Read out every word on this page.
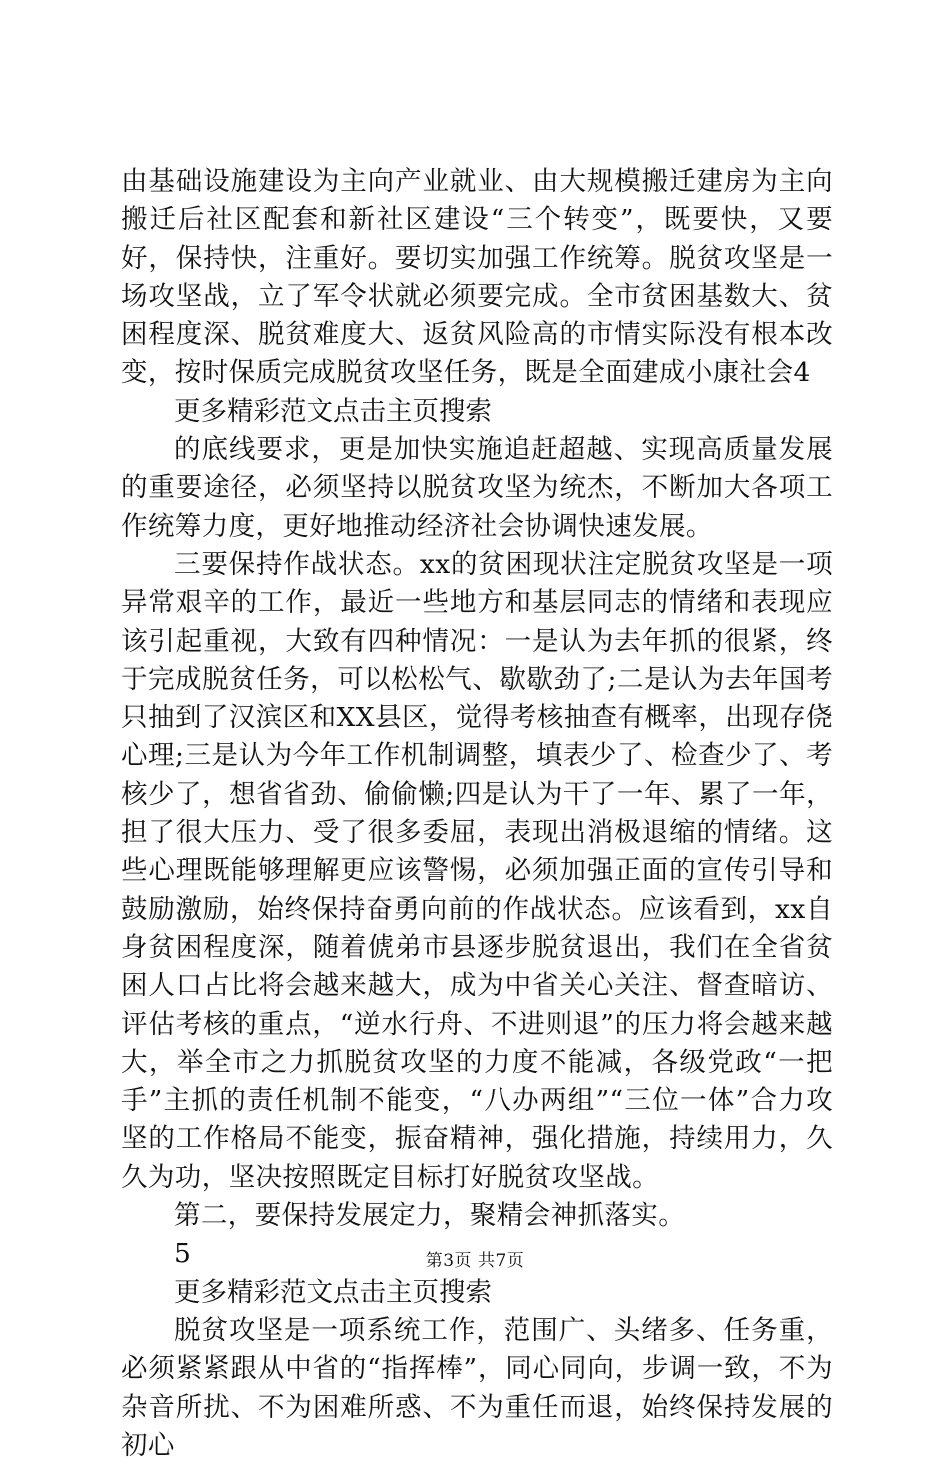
由基础设施建设为主向产业就业、由大规模搬迁建房为主向搬迁后社区配套和新社区建设“三个转变”，既要快，又要好，保持快，注重好。要切实加强工作统筹。脱贫攻坚是一场攻坚战，立了军令状就必须要完成。全市贫困基数大、贫困程度深、脱贫难度大、返贫风险高的市情实际没有根本改变，按时保质完成脱贫攻坚任务，既是全面建成小康社会4

更多精彩范文点击主页搜索

的底线要求，更是加快实施追赶超越、实现高质量发展的重要途径，必须坚持以脱贫攻坚为统杰，不断加大各项工作统筹力度，更好地推动经济社会协调快速发展。

三要保持作战状态。xx的贫困现状注定脱贫攻坚是一项异常艰辛的工作，最近一些地方和基层同志的情绪和表现应该引起重视，大致有四种情况：一是认为去年抓的很紧，终于完成脱贫任务，可以松松气、歇歇劲了;二是认为去年国考只抽到了汉滨区和XX县区，觉得考核抽查有概率，出现存侥心理;三是认为今年工作机制调整，填表少了、检查少了、考核少了，想省省劲、偷偷懒;四是认为干了一年、累了一年，担了很大压力、受了很多委屈，表现出消极退缩的情绪。这些心理既能够理解更应该警惕，必须加强正面的宣传引导和鼓励激励，始终保持奋勇向前的作战状态。应该看到，xx自身贫困程度深，随着俿弟市县逐步脱贫退出，我们在全省贫困人口占比将会越来越大，成为中省关心关注、督查暗访、评估考核的重点，“逆水行舟、不进则退”的压力将会越来越大，举全市之力抓脱贫攻坚的力度不能减，各级党政“一把手”主抓的责任机制不能变，“八办两组”“三位一体”合力攻坚的工作格局不能变，振奋精神，强化措施，持续用力，久久为功，坚决按照既定目标打好脱贫攻坚战。

第二，要保持发展定力，聚精会神抓落实。

5

更多精彩范文点击主页搜索

脱贫攻坚是一项系统工作，范围广、头绪多、任务重，必须紧紧跟从中省的“指挥棒”，同心同向，步调一致，不为杂音所扰、不为困难所惑、不为重任而退，始终保持发展的初心

第3页 共7页
